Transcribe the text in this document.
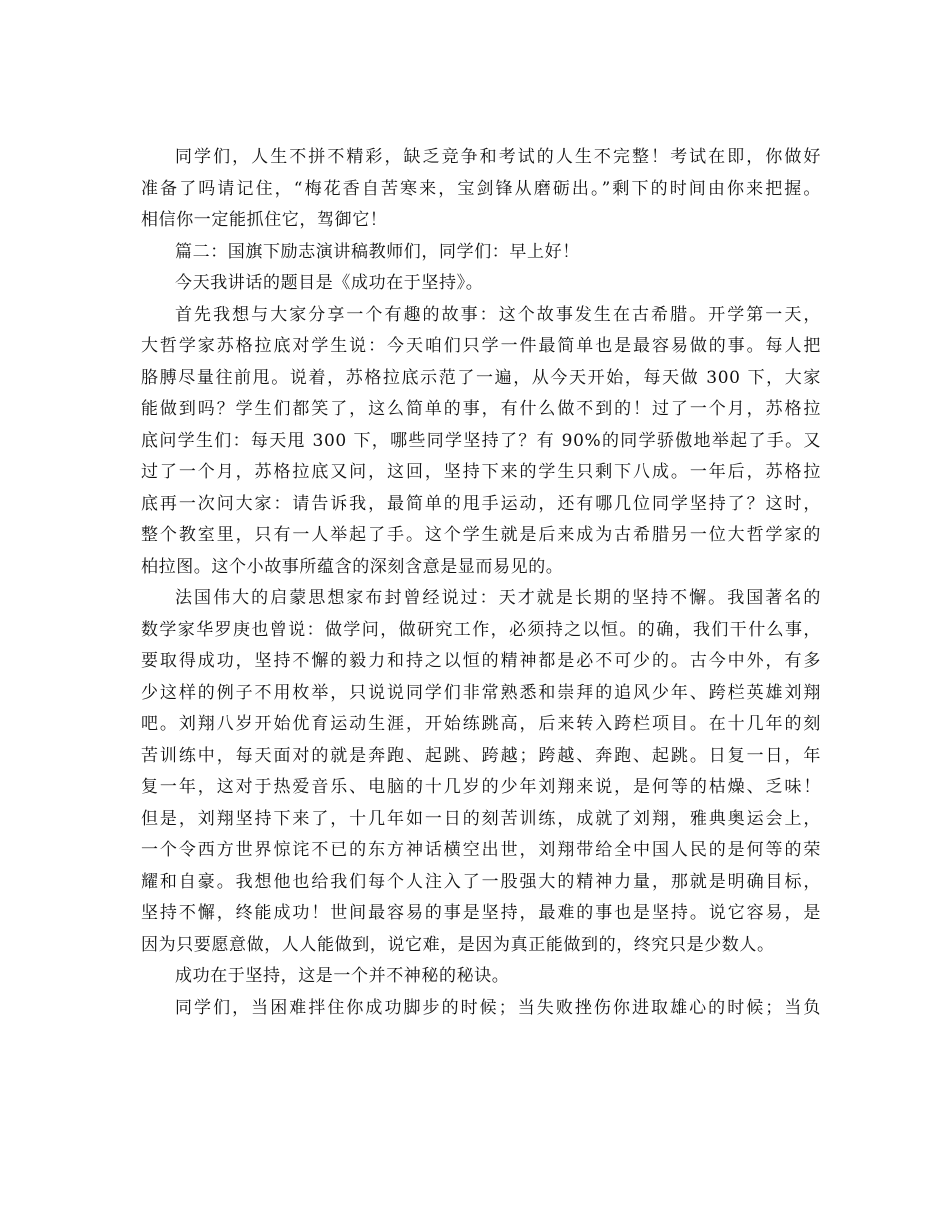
同学们，人生不拼不精彩，缺乏竞争和考试的人生不完整！考试在即，你做好
准备了吗请记住，“梅花香自苦寒来，宝剑锋从磨砺出。”剩下的时间由你来把握。
相信你一定能抓住它，驾御它！
篇二：国旗下励志演讲稿教师们，同学们：早上好！
今天我讲话的题目是《成功在于坚持》。
首先我想与大家分享一个有趣的故事：这个故事发生在古希腊。开学第一天，
大哲学家苏格拉底对学生说：今天咱们只学一件最简单也是最容易做的事。每人把
胳膊尽量往前甩。说着，苏格拉底示范了一遍，从今天开始，每天做 300 下，大家
能做到吗？学生们都笑了，这么简单的事，有什么做不到的！过了一个月，苏格拉
底问学生们：每天甩 300 下，哪些同学坚持了？有 90%的同学骄傲地举起了手。又
过了一个月，苏格拉底又问，这回，坚持下来的学生只剩下八成。一年后，苏格拉
底再一次问大家：请告诉我，最简单的甩手运动，还有哪几位同学坚持了？这时，
整个教室里，只有一人举起了手。这个学生就是后来成为古希腊另一位大哲学家的
柏拉图。这个小故事所蕴含的深刻含意是显而易见的。
法国伟大的启蒙思想家布封曾经说过：天才就是长期的坚持不懈。我国著名的
数学家华罗庚也曾说：做学问，做研究工作，必须持之以恒。的确，我们干什么事，
要取得成功，坚持不懈的毅力和持之以恒的精神都是必不可少的。古今中外，有多
少这样的例子不用枚举，只说说同学们非常熟悉和崇拜的追风少年、跨栏英雄刘翔
吧。刘翔八岁开始优育运动生涯，开始练跳高，后来转入跨栏项目。在十几年的刻
苦训练中，每天面对的就是奔跑、起跳、跨越；跨越、奔跑、起跳。日复一日，年
复一年，这对于热爱音乐、电脑的十几岁的少年刘翔来说，是何等的枯燥、乏味！
但是，刘翔坚持下来了，十几年如一日的刻苦训练，成就了刘翔，雅典奥运会上，
一个令西方世界惊诧不已的东方神话横空出世，刘翔带给全中国人民的是何等的荣
耀和自豪。我想他也给我们每个人注入了一股强大的精神力量，那就是明确目标，
坚持不懈，终能成功！世间最容易的事是坚持，最难的事也是坚持。说它容易，是
因为只要愿意做，人人能做到，说它难，是因为真正能做到的，终究只是少数人。
成功在于坚持，这是一个并不神秘的秘诀。
同学们，当困难拌住你成功脚步的时候；当失败挫伤你进取雄心的时候；当负
